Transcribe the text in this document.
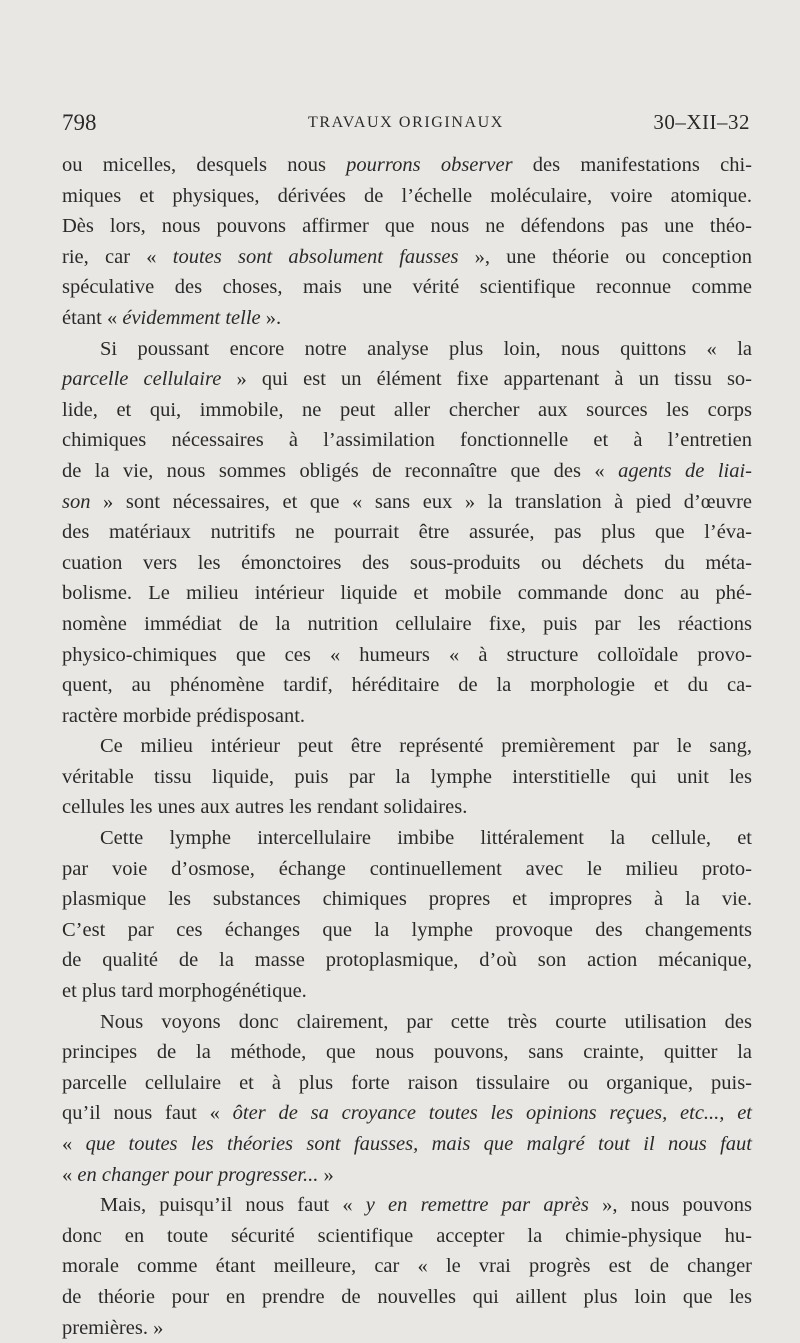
798	TRAVAUX ORIGINAUX	30–XII–32
ou micelles, desquels nous pourrons observer des manifestations chi-
miques et physiques, dérivées de l’échelle moléculaire, voire atomique.
Dès lors, nous pouvons affirmer que nous ne défendons pas une théo-
rie, car « toutes sont absolument fausses », une théorie ou conception
spéculative des choses, mais une vérité scientifique reconnue comme
étant « évidemment telle ».
Si poussant encore notre analyse plus loin, nous quittons « la
parcelle cellulaire » qui est un élément fixe appartenant à un tissu so-
lide, et qui, immobile, ne peut aller chercher aux sources les corps
chimiques nécessaires à l’assimilation fonctionnelle et à l’entretien
de la vie, nous sommes obligés de reconnaître que des « agents de liai-
son » sont nécessaires, et que « sans eux » la translation à pied d’œuvre
des matériaux nutritifs ne pourrait être assurée, pas plus que l’éva-
cuation vers les émonctoires des sous-produits ou déchets du méta-
bolisme. Le milieu intérieur liquide et mobile commande donc au phé-
nomène immédiat de la nutrition cellulaire fixe, puis par les réactions
physico-chimiques que ces « humeurs « à structure colloïdale provo-
quent, au phénomène tardif, héréditaire de la morphologie et du ca-
ractère morbide prédisposant.
Ce milieu intérieur peut être représenté premièrement par le sang,
véritable tissu liquide, puis par la lymphe interstitielle qui unit les
cellules les unes aux autres les rendant solidaires.
Cette lymphe intercellulaire imbibe littéralement la cellule, et
par voie d’osmose, échange continuellement avec le milieu proto-
plasmique les substances chimiques propres et impropres à la vie.
C’est par ces échanges que la lymphe provoque des changements
de qualité de la masse protoplasmique, d’où son action mécanique,
et plus tard morphogénétique.
Nous voyons donc clairement, par cette très courte utilisation des
principes de la méthode, que nous pouvons, sans crainte, quitter la
parcelle cellulaire et à plus forte raison tissulaire ou organique, puis-
qu’il nous faut « ôter de sa croyance toutes les opinions reçues, etc..., et
« que toutes les théories sont fausses, mais que malgré tout il nous faut
« en changer pour progresser... »
Mais, puisqu’il nous faut « y en remettre par après », nous pouvons
donc en toute sécurité scientifique accepter la chimie-physique hu-
morale comme étant meilleure, car « le vrai progrès est de changer
de théorie pour en prendre de nouvelles qui aillent plus loin que les
premières. »
